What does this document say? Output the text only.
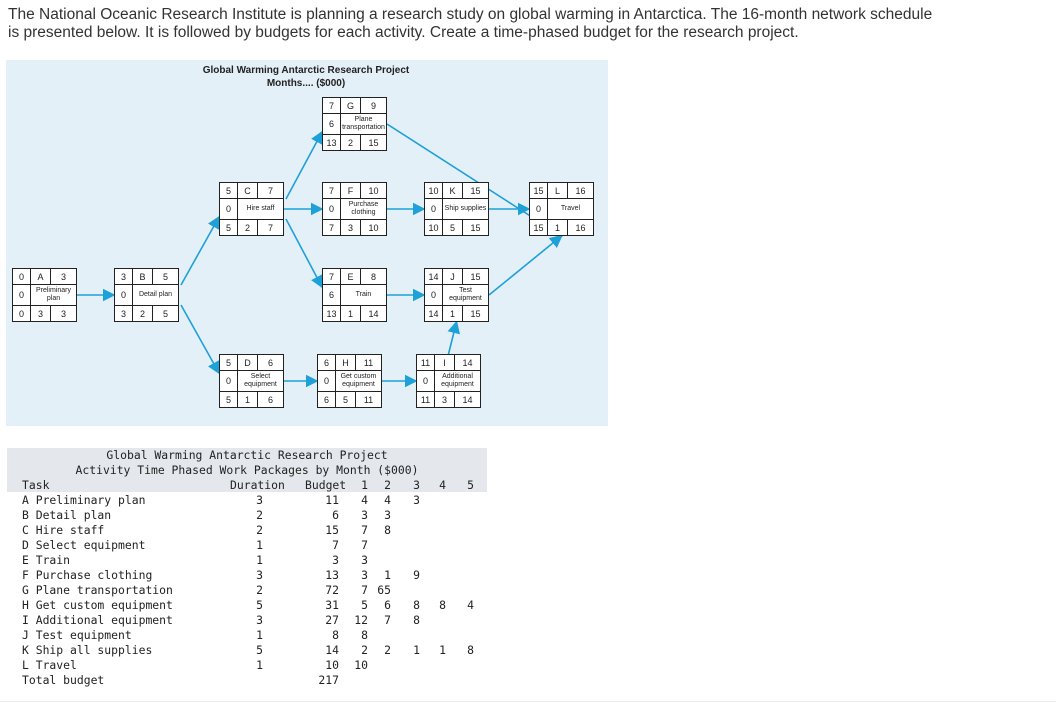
The National Oceanic Research Institute is planning a research study on global warming in Antarctica. The 16-month network schedule
is presented below. It is followed by budgets for each activity. Create a time-phased budget for the research project.
Global Warming Antarctic Research Project
Months.... ($000)
0	A	3
0	Preliminary plan
0	3	3
3	B	5
0	Detail plan
3	2	5
5	C	7
0	Hire staff
5	2	7
5	D	6
0	Select equipment
5	1	6
7	G	9
6	Plane transportation
13	2	15
7	F	10
0	Purchase clothing
7	3	10
7	E	8
6	Train
13	1	14
6	H	11
0	Get custom equipment
6	5	11
10	K	15
0	Ship supplies
10	5	15
14	J	15
0	Test equipment
14	1	15
11	I	14
0	Additional equipment
11	3	14
15	L	16
0	Travel
15	1	16
Global Warming Antarctic Research Project
Activity Time Phased Work Packages by Month ($000)
Task	Duration Budget	1	2	3	4	5
A Preliminary plan	3	11	4	4	3
B Detail plan	2	6	3	3
C Hire staff	2	15	7	8
D Select equipment	1	7	7
E Train	1	3	3
F Purchase clothing	3	13	3	1	9
G Plane transportation	2	72	7 65
H Get custom equipment	5	31	5	6	8	8	4
I Additional equipment	3	27 12	7	8
J Test equipment	1	8	8
K Ship all supplies	5	14	2	2	1	1	8
L Travel	1	10 10
Total budget	217
